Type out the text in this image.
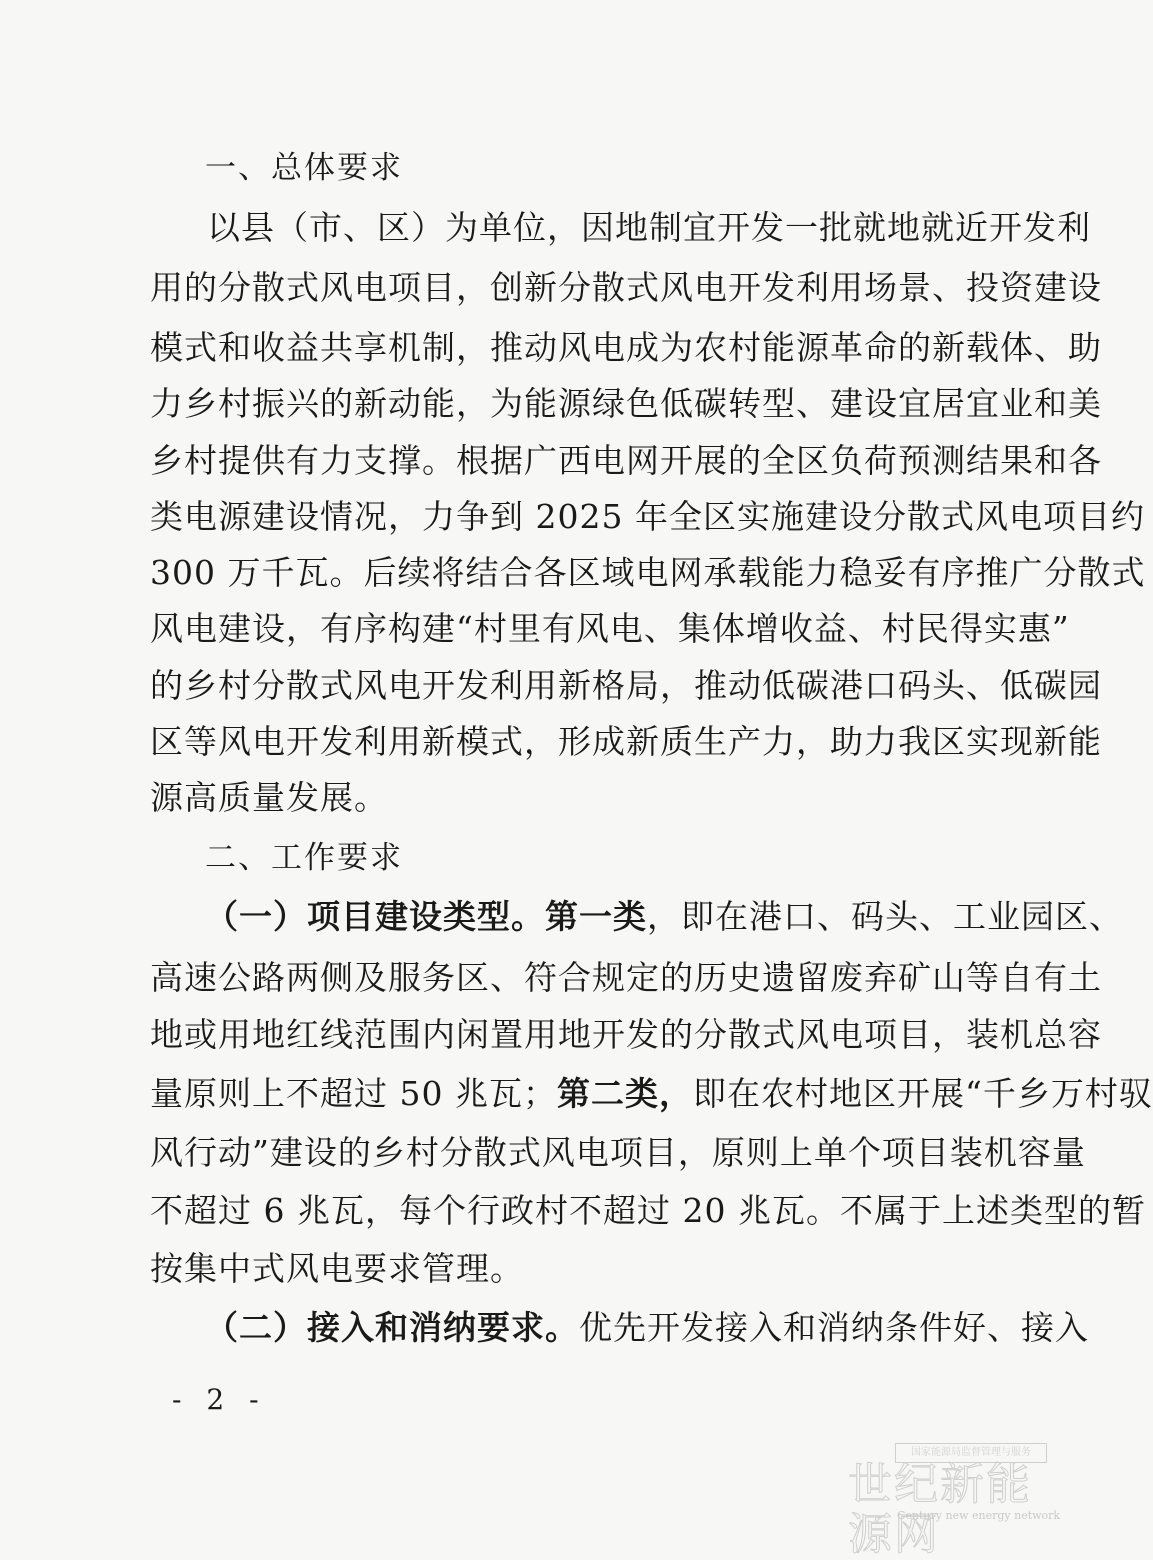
一、总体要求
以县（市、区）为单位，因地制宜开发一批就地就近开发利
用的分散式风电项目，创新分散式风电开发利用场景、投资建设
模式和收益共享机制，推动风电成为农村能源革命的新载体、助
力乡村振兴的新动能，为能源绿色低碳转型、建设宜居宜业和美
乡村提供有力支撑。根据广西电网开展的全区负荷预测结果和各
类电源建设情况，力争到 2025 年全区实施建设分散式风电项目约
300 万千瓦。后续将结合各区域电网承载能力稳妥有序推广分散式
风电建设，有序构建“村里有风电、集体增收益、村民得实惠”
的乡村分散式风电开发利用新格局，推动低碳港口码头、低碳园
区等风电开发利用新模式，形成新质生产力，助力我区实现新能
源高质量发展。
二、工作要求
（一）项目建设类型。第一类，即在港口、码头、工业园区、
高速公路两侧及服务区、符合规定的历史遗留废弃矿山等自有土
地或用地红线范围内闲置用地开发的分散式风电项目，装机总容
量原则上不超过 50 兆瓦；第二类，即在农村地区开展“千乡万村驭
风行动”建设的乡村分散式风电项目，原则上单个项目装机容量
不超过 6 兆瓦，每个行政村不超过 20 兆瓦。不属于上述类型的暂
按集中式风电要求管理。
（二）接入和消纳要求。优先开发接入和消纳条件好、接入
- 2 -
国家能源局监督管理与服务
世纪新能源网
Century new energy network
